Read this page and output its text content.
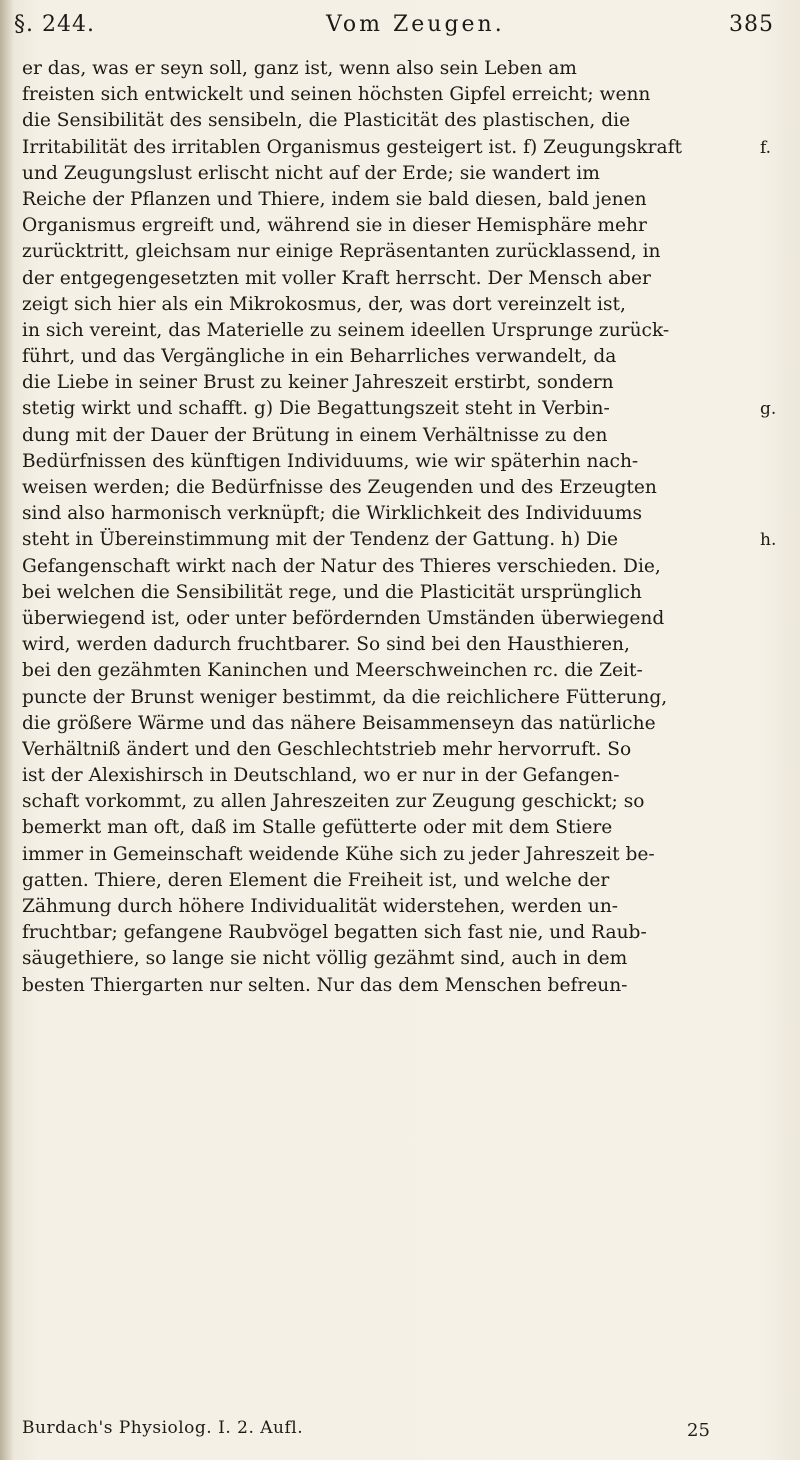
§. 244.	Vom Zeugen.	385
er das, was er seyn soll, ganz ist, wenn also sein Leben am
freisten sich entwickelt und seinen höchsten Gipfel erreicht; wenn
die Sensibilität des sensibeln, die Plasticität des plastischen, die
Irritabilität des irritablen Organismus gesteigert ist. f) Zeugungskraft
und Zeugungslust erlischt nicht auf der Erde; sie wandert im
Reiche der Pflanzen und Thiere, indem sie bald diesen, bald jenen
Organismus ergreift und, während sie in dieser Hemisphäre mehr
zurücktritt, gleichsam nur einige Repräsentanten zurücklassend, in
der entgegengesetzten mit voller Kraft herrscht. Der Mensch aber
zeigt sich hier als ein Mikrokosmus, der, was dort vereinzelt ist,
in sich vereint, das Materielle zu seinem ideellen Ursprunge zurück-
führt, und das Vergängliche in ein Beharrliches verwandelt, da
die Liebe in seiner Brust zu keiner Jahreszeit erstirbt, sondern
stetig wirkt und schafft. g) Die Begattungszeit steht in Verbin-
dung mit der Dauer der Brütung in einem Verhältnisse zu den
Bedürfnissen des künftigen Individuums, wie wir späterhin nach-
weisen werden; die Bedürfnisse des Zeugenden und des Erzeugten
sind also harmonisch verknüpft; die Wirklichkeit des Individuums
steht in Übereinstimmung mit der Tendenz der Gattung. h) Die
Gefangenschaft wirkt nach der Natur des Thieres verschieden. Die,
bei welchen die Sensibilität rege, und die Plasticität ursprünglich
überwiegend ist, oder unter befördernden Umständen überwiegend
wird, werden dadurch fruchtbarer. So sind bei den Hausthieren,
bei den gezähmten Kaninchen und Meerschweinchen rc. die Zeit-
puncte der Brunst weniger bestimmt, da die reichlichere Fütterung,
die größere Wärme und das nähere Beisammenseyn das natürliche
Verhältniß ändert und den Geschlechtstrieb mehr hervorruft. So
ist der Alexishirsch in Deutschland, wo er nur in der Gefangen-
schaft vorkommt, zu allen Jahreszeiten zur Zeugung geschickt; so
bemerkt man oft, daß im Stalle gefütterte oder mit dem Stiere
immer in Gemeinschaft weidende Kühe sich zu jeder Jahreszeit be-
gatten. Thiere, deren Element die Freiheit ist, und welche der
Zähmung durch höhere Individualität widerstehen, werden un-
fruchtbar; gefangene Raubvögel begatten sich fast nie, und Raub-
säugethiere, so lange sie nicht völlig gezähmt sind, auch in dem
besten Thiergarten nur selten. Nur das dem Menschen befreun-
f.
g.
h.
Burdach's Physiolog. I. 2. Aufl.	25
